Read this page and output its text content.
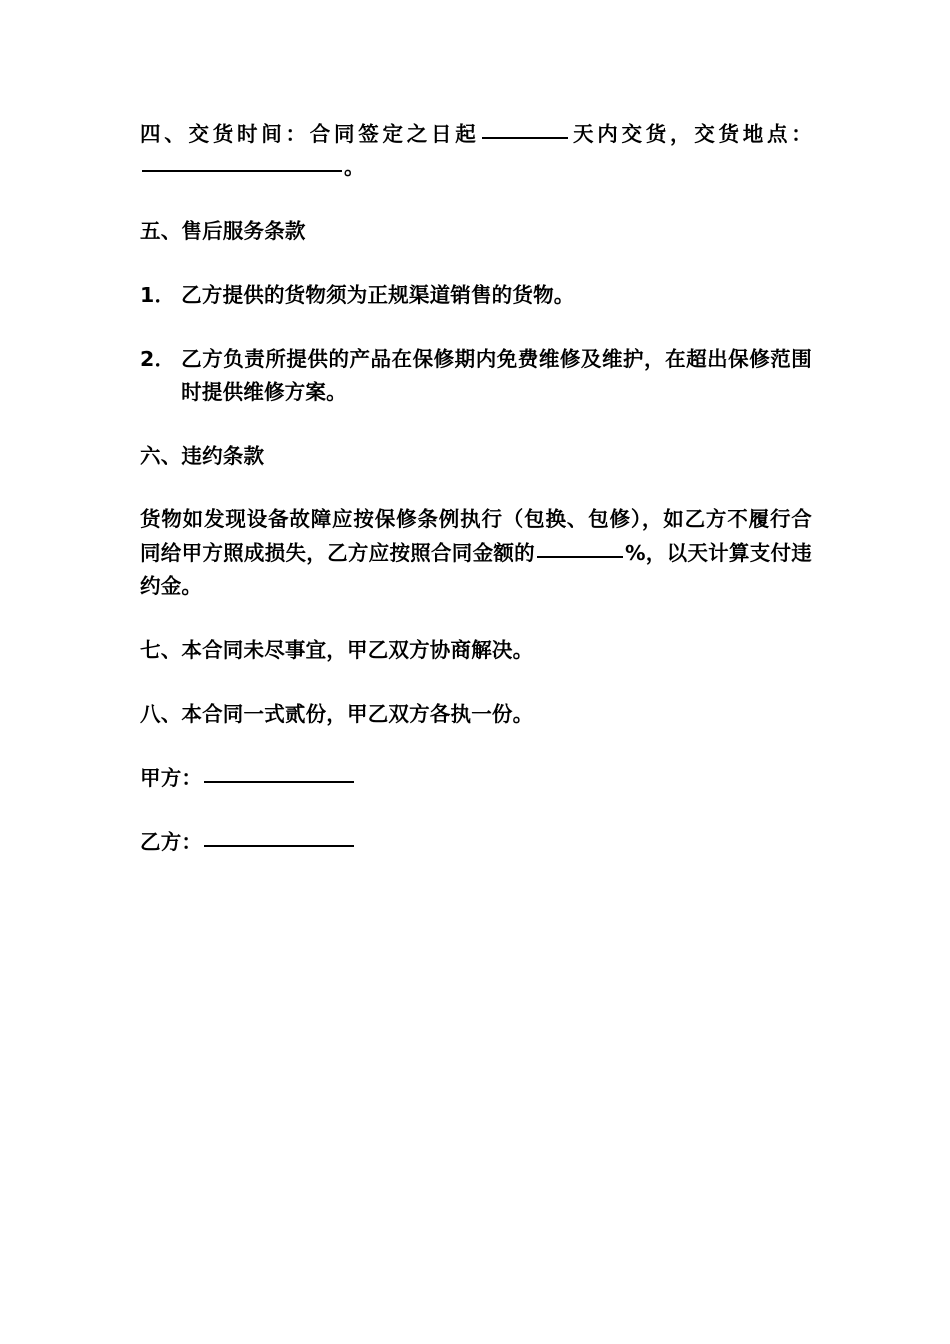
四、交货时间：合同签定之日起	天内交货，交货地点：。

五、售后服务条款

1． 乙方提供的货物须为正规渠道销售的货物。

2． 乙方负责所提供的产品在保修期内免费维修及维护，在超出保修范围时提供维修方案。

六、违约条款

货物如发现设备故障应按保修条例执行（包换、包修），如乙方不履行合同给甲方照成损失，乙方应按照合同金额的	%，以天计算支付违约金。

七、本合同未尽事宜，甲乙双方协商解决。

八、本合同一式贰份，甲乙双方各执一份。

甲方：

乙方：
